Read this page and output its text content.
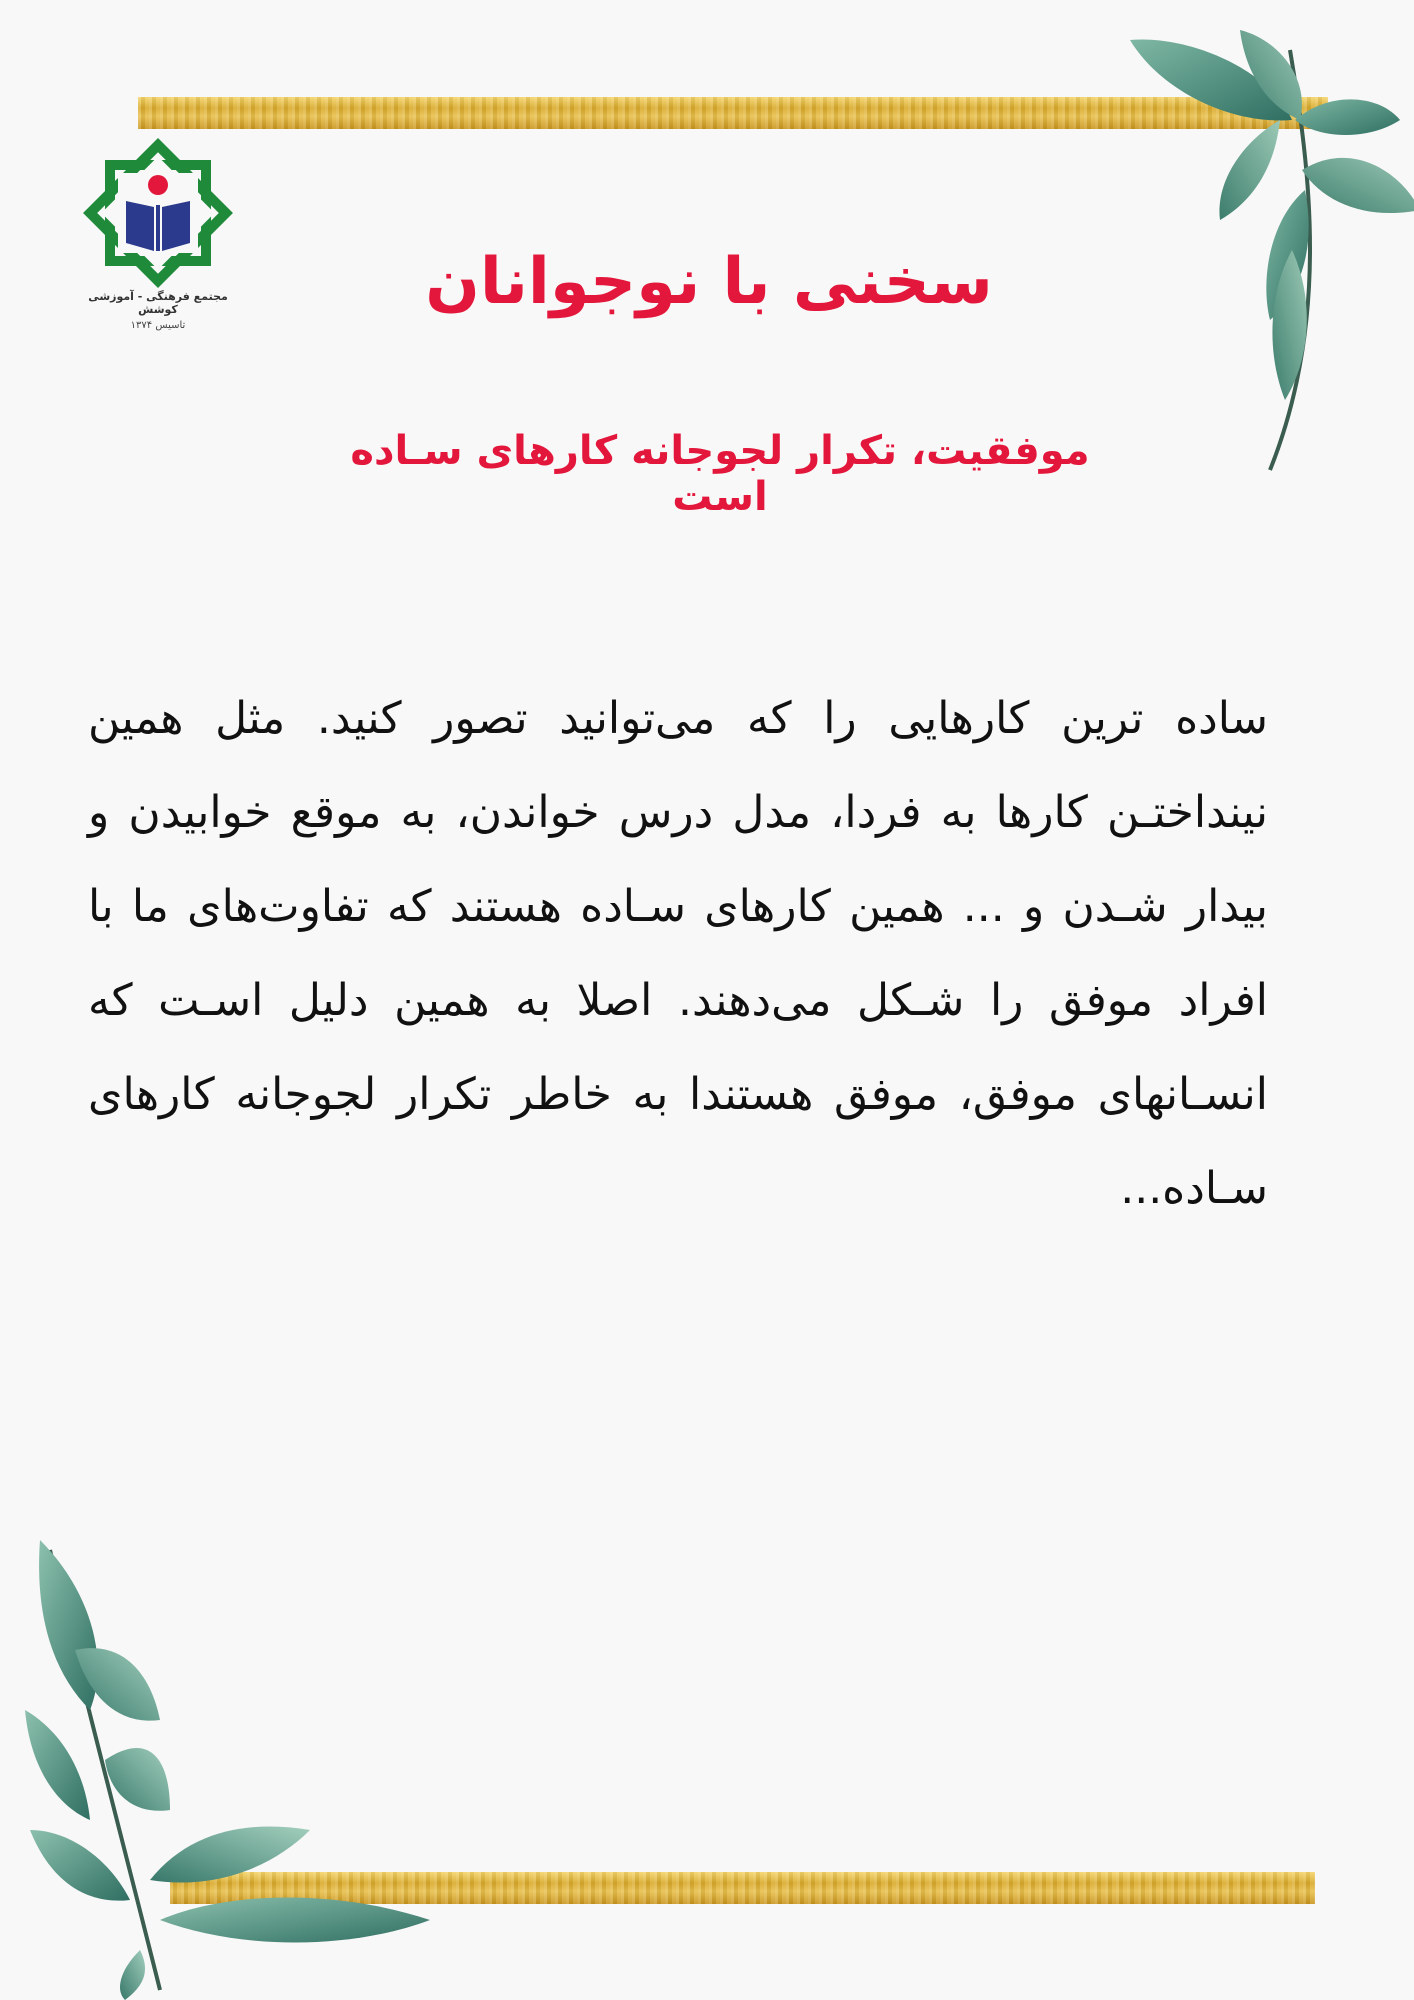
مجتمع فرهنگی - آموزشی کوشش
تاسیس ۱۳۷۴
سخنی با نوجوانان
موفقیت، تکرار لجوجانه کارهای سـاده است

ساده ترین کارهایی را که می‌توانید تصور کنید. مثل همین نینداختـن کارها به فردا، مدل درس خواندن، به موقع خوابیدن و بیدار شـدن و ... همین کارهای سـاده هستند که تفاوت‌های ما با افراد موفق را شـکل می‌دهند. اصلا به همین دلیل اسـت که انسـانهای موفق، موفق هستندا به خاطر تکرار لجوجانه کارهای سـاده...
